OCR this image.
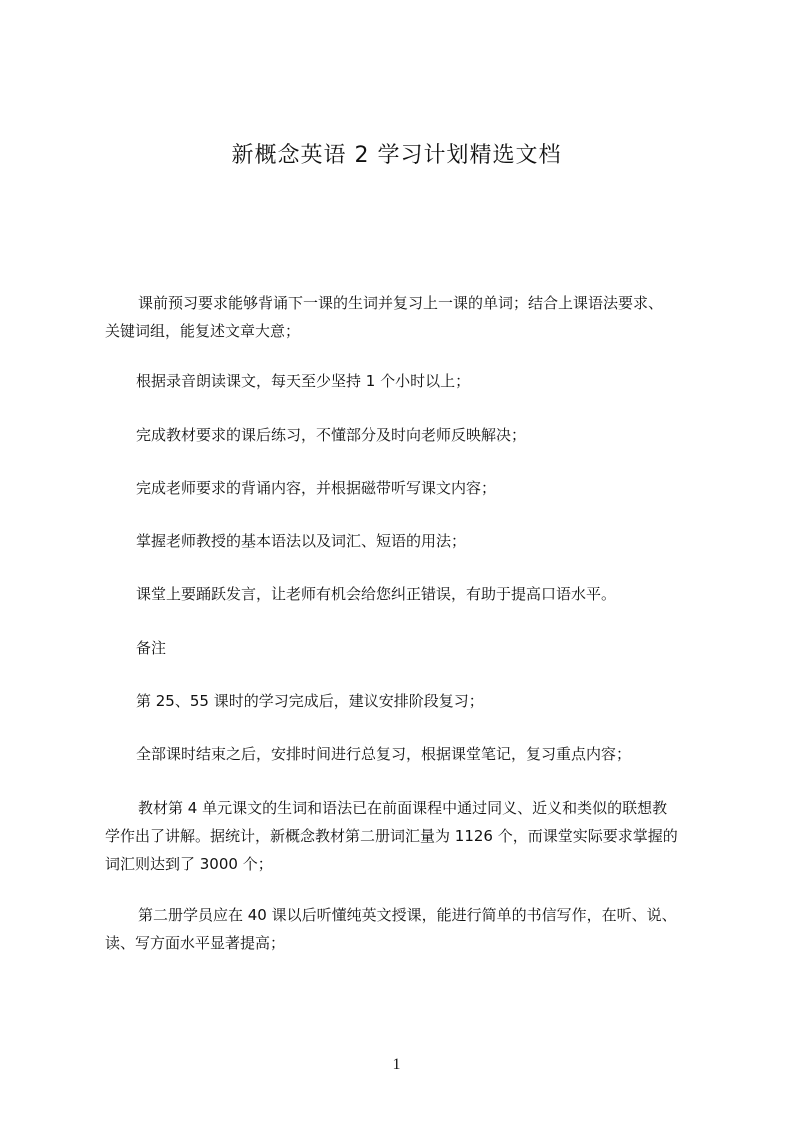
新概念英语 2 学习计划精选文档
课前预习要求能够背诵下一课的生词并复习上一课的单词；结合上课语法要求、
关键词组，能复述文章大意；
根据录音朗读课文，每天至少坚持 1 个小时以上；
完成教材要求的课后练习，不懂部分及时向老师反映解决；
完成老师要求的背诵内容，并根据磁带听写课文内容；
掌握老师教授的基本语法以及词汇、短语的用法；
课堂上要踊跃发言，让老师有机会给您纠正错误，有助于提高口语水平。
备注
第 25、55 课时的学习完成后，建议安排阶段复习；
全部课时结束之后，安排时间进行总复习，根据课堂笔记，复习重点内容；
教材第 4 单元课文的生词和语法已在前面课程中通过同义、近义和类似的联想教
学作出了讲解。据统计，新概念教材第二册词汇量为 1126 个，而课堂实际要求掌握的
词汇则达到了 3000 个；
第二册学员应在 40 课以后听懂纯英文授课，能进行简单的书信写作，在听、说、
读、写方面水平显著提高；
1
